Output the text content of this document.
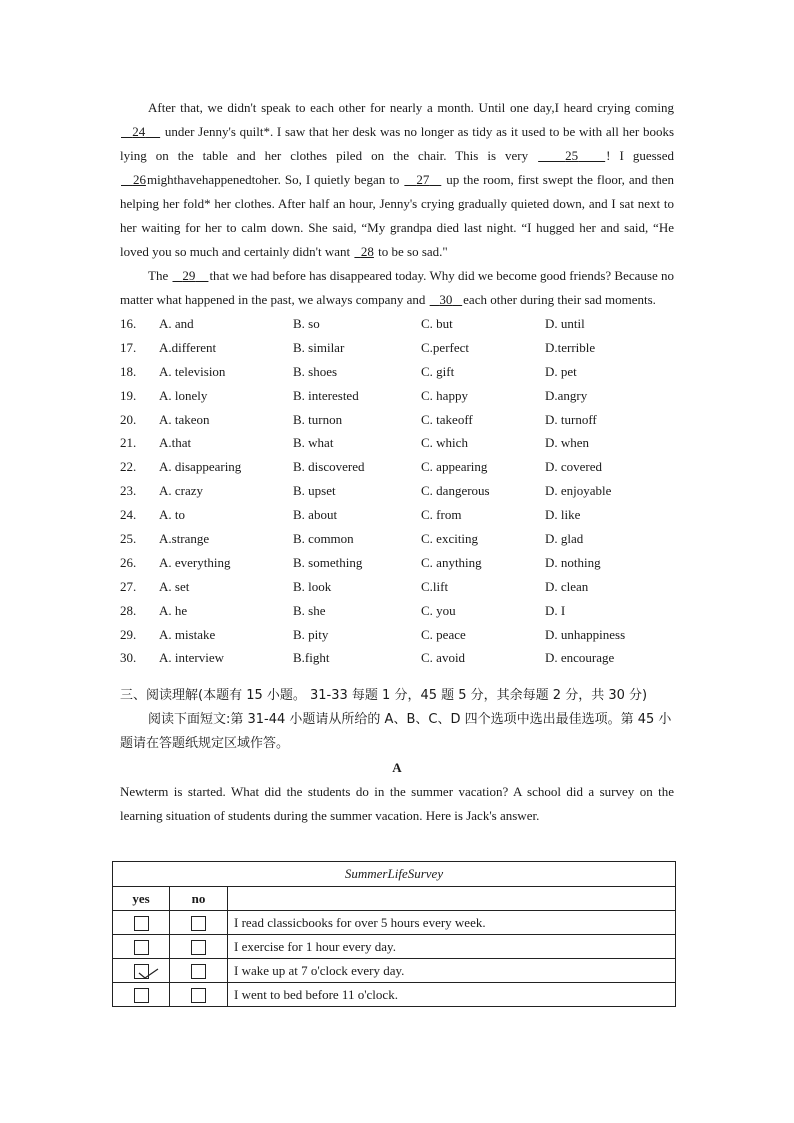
After that, we didn't speak to each other for nearly a month. Until one day,I heard crying coming    24     under Jenny's quilt*. I saw that her desk was no longer as tidy as it used to be with all her books lying on the table and her clothes piled on the chair. This is very    25 ! I guessed   26mighthavehappenedtoher. So, I quietly began to    27    up the room, first swept the floor, and then helping her fold* her clothes. After half an hour, Jenny's crying gradually quieted down, and I sat next to her waiting for her to calm down. She said, “My grandpa died last night. “I hugged her and said, “He loved you so much and certainly didn't want   28 to be so sad."

The    29 that we had before has disappeared today. Why did we become good friends? Because no matter what happened in the past, we always company and    30 each other during their sad moments.

16. A. and	B. so	C. but	D. until
17. A.different	B. similar	C.perfect	D.terrible
18. A. television	B. shoes	C. gift	D. pet
19. A. lonely	B. interested	C. happy	D.angry
20. A. takeon	B. turnon	C. takeoff	D. turnoff
21. A.that	B. what	C. which	D. when
22. A. disappearing	B. discovered	C. appearing	D. covered
23. A. crazy	B. upset	C. dangerous	D. enjoyable
24. A. to	B. about	C. from	D. like
25. A.strange	B. common	C. exciting	D. glad
26. A. everything	B. something	C. anything	D. nothing
27. A. set	B. look	C.lift	D. clean
28. A. he	B. she	C. you	D. I
29. A. mistake	B. pity	C. peace	D. unhappiness
30. A. interview	B.fight	C. avoid	D. encourage
三、阅读理解(本题有 15 小题。 31-33 每题 1 分，45 题 5 分，其余每题 2 分，共 30 分)
阅读下面短文:第 31-44 小题请从所给的 A、B、C、D 四个选项中选出最佳选项。第 45 小题请在答题纸规定区域作答。

A

Newterm is started. What did the students do in the summer vacation? A school did a survey on the learning situation of students during the summer vacation. Here is Jack's answer.

SummerLifeSurvey		
yes	no	
		I read classicbooks for over 5 hours every week.
		I exercise for 1 hour every day.

		I wake up at 7 o'clock every day.
		I went to bed before 11 o'clock.
